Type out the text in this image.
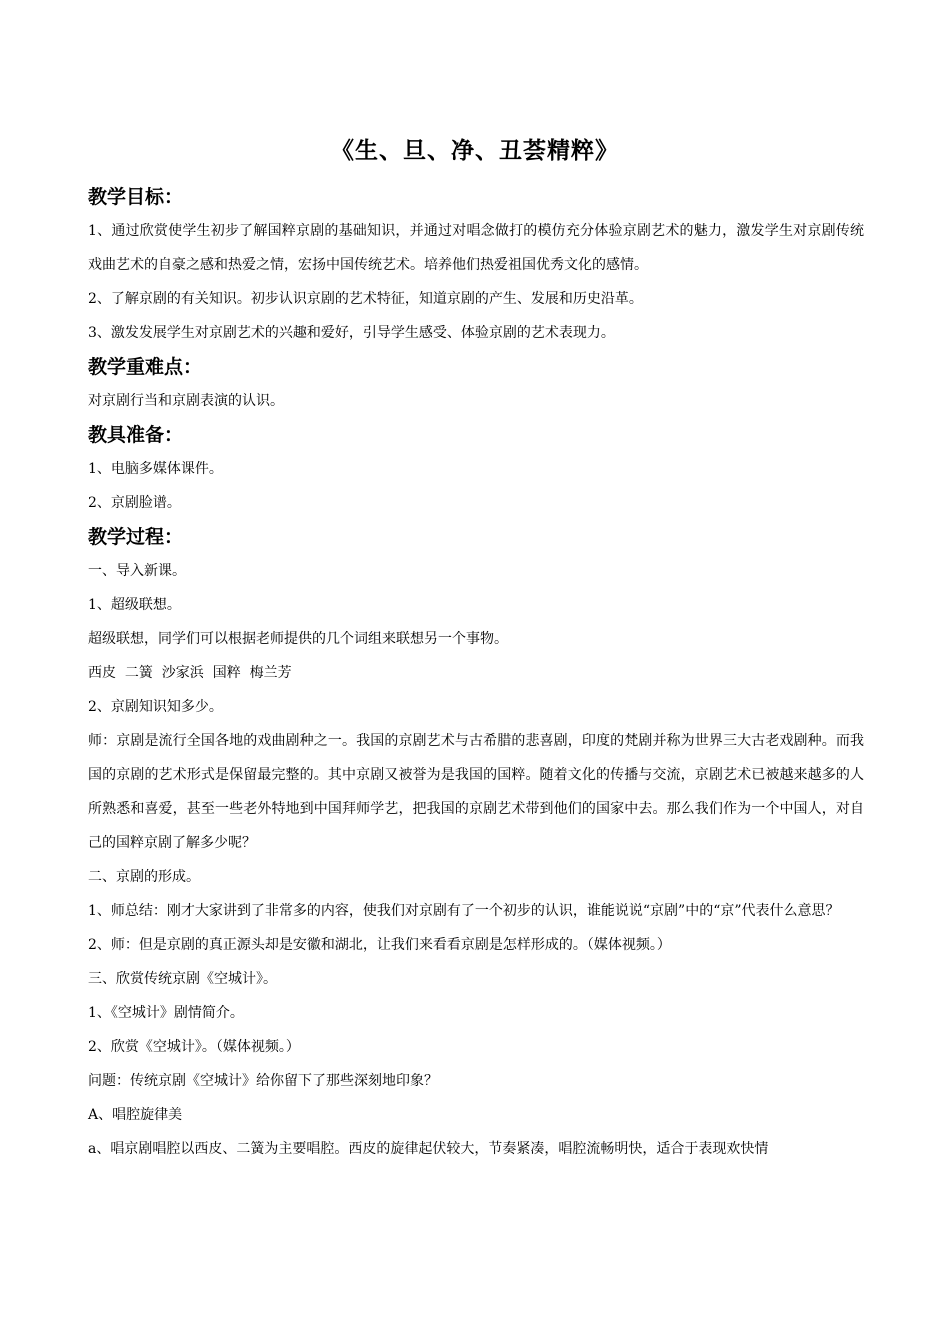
《生、旦、净、丑荟精粹》
教学目标：

1、通过欣赏使学生初步了解国粹京剧的基础知识，并通过对唱念做打的模仿充分体验京剧艺术的魅力，激发学生对京剧传统戏曲艺术的自豪之感和热爱之情，宏扬中国传统艺术。培养他们热爱祖国优秀文化的感情。

2、了解京剧的有关知识。初步认识京剧的艺术特征，知道京剧的产生、发展和历史沿革。

3、激发发展学生对京剧艺术的兴趣和爱好，引导学生感受、体验京剧的艺术表现力。

教学重难点：

对京剧行当和京剧表演的认识。

教具准备：

1、电脑多媒体课件。

2、京剧脸谱。

教学过程：

一、导入新课。

1、超级联想。

超级联想，同学们可以根据老师提供的几个词组来联想另一个事物。

西皮  二簧  沙家浜  国粹  梅兰芳

2、京剧知识知多少。

师：京剧是流行全国各地的戏曲剧种之一。我国的京剧艺术与古希腊的悲喜剧，印度的梵剧并称为世界三大古老戏剧种。而我国的京剧的艺术形式是保留最完整的。其中京剧又被誉为是我国的国粹。随着文化的传播与交流，京剧艺术已被越来越多的人所熟悉和喜爱，甚至一些老外特地到中国拜师学艺，把我国的京剧艺术带到他们的国家中去。那么我们作为一个中国人，对自己的国粹京剧了解多少呢？

二、京剧的形成。

1、师总结：刚才大家讲到了非常多的内容，使我们对京剧有了一个初步的认识，谁能说说“京剧”中的“京”代表什么意思？

2、师：但是京剧的真正源头却是安徽和湖北，让我们来看看京剧是怎样形成的。（媒体视频。）

三、欣赏传统京剧《空城计》。

1、《空城计》剧情简介。

2、欣赏《空城计》。（媒体视频。）

问题：传统京剧《空城计》给你留下了那些深刻地印象？

A、唱腔旋律美

a、唱京剧唱腔以西皮、二簧为主要唱腔。西皮的旋律起伏较大，节奏紧凑，唱腔流畅明快，适合于表现欢快情
